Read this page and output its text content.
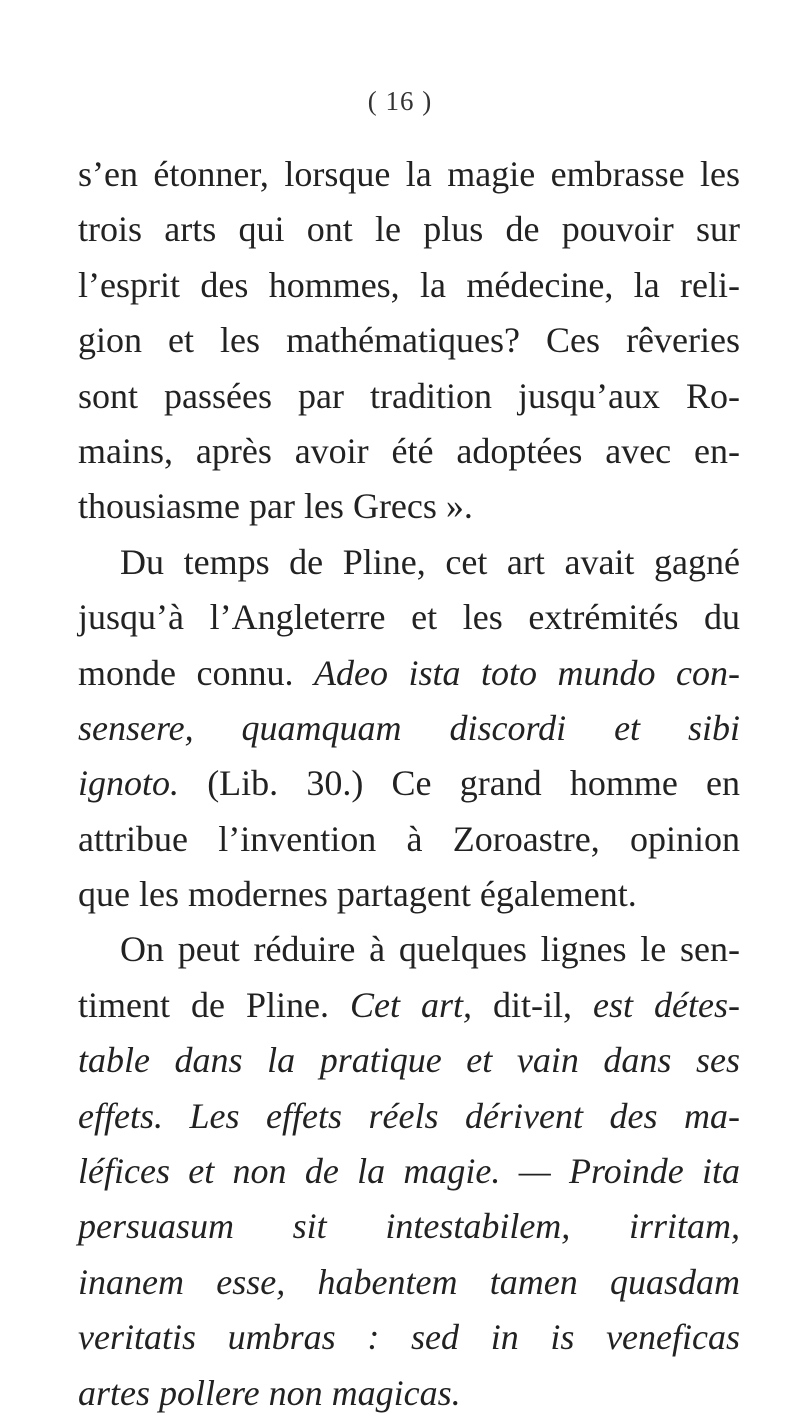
( 16 )
s’en étonner, lorsque la magie embrasse les
trois arts qui ont le plus de pouvoir sur
l’esprit des hommes, la médecine, la reli-
gion et les mathématiques? Ces rêveries
sont passées par tradition jusqu’aux Ro-
mains, après avoir été adoptées avec en-
thousiasme par les Grecs ».
Du temps de Pline, cet art avait gagné
jusqu’à l’Angleterre et les extrémités du
monde connu. Adeo ista toto mundo con-
sensere, quamquam discordi et sibi
ignoto. (Lib. 30.) Ce grand homme en
attribue l’invention à Zoroastre, opinion
que les modernes partagent également.
On peut réduire à quelques lignes le sen-
timent de Pline. Cet art, dit-il, est détes-
table dans la pratique et vain dans ses
effets. Les effets réels dérivent des ma-
léfices et non de la magie. — Proinde ita
persuasum sit intestabilem, irritam,
inanem esse, habentem tamen quasdam
veritatis umbras : sed in is veneficas
artes pollere non magicas.
